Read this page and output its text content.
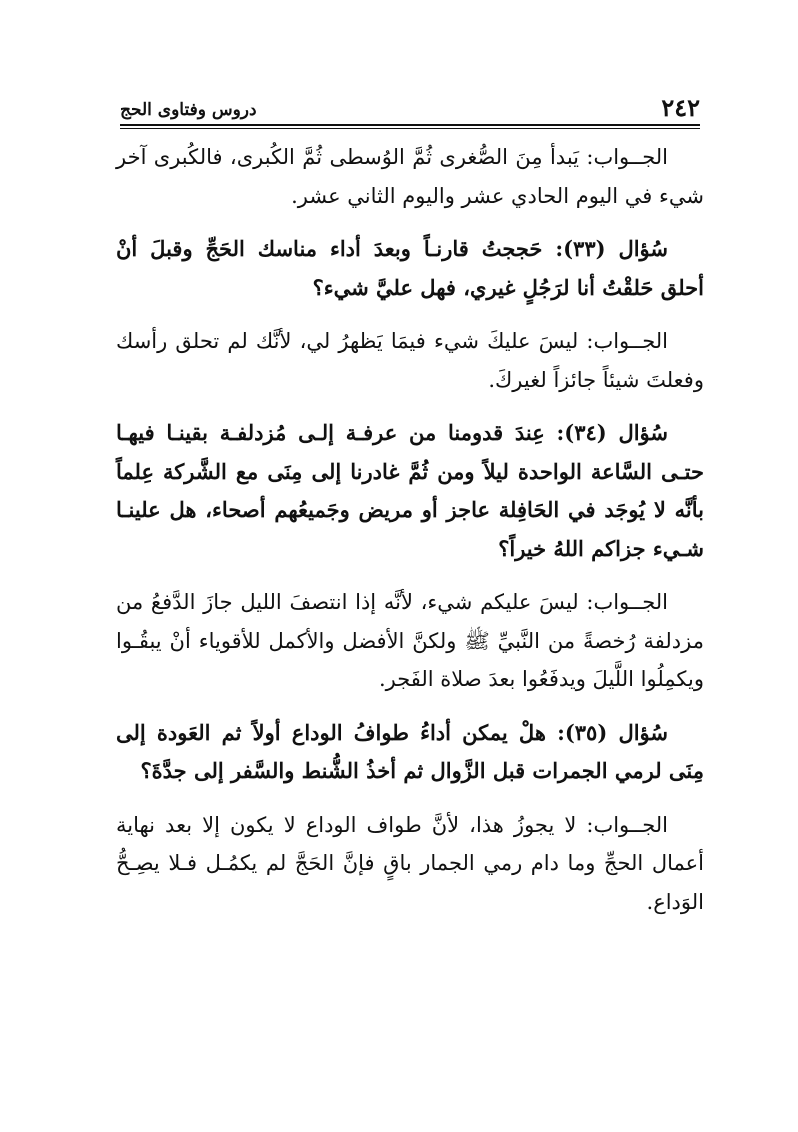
٢٤٢
دروس وفتاوى الحج

الجــواب: يَبدأ مِنَ الصُّغرى ثُمَّ الوُسطى ثُمَّ الكُبرى، فالكُبرى آخر شيء في اليوم الحادي عشر واليوم الثاني عشر.

سُؤال (٣٣): حَججتُ قارنـاً وبعدَ أداء مناسك الحَجِّ وقبلَ أنْ أحلق حَلقْتُ أنا لرَجُلٍ غيري، فهل عليَّ شيء؟

الجــواب: ليسَ عليكَ شيء فيمَا يَظهرُ لي، لأنَّك لم تحلق رأسك وفعلتَ شيئاً جائزاً لغيركَ.

سُؤال (٣٤): عِندَ قدومنا من عرفـة إلـى مُزدلفـة بقينـا فيهـا حتـى السَّاعة الواحدة ليلاً ومن ثُمَّ غادرنا إلى مِنَى مع الشَّركة عِلماً بأنَّه لا يُوجَد في الحَافِلة عاجز أو مريض وجَميعُهم أصحاء، هل علينـا شـيء جزاكم اللهُ خيراً؟

الجــواب: ليسَ عليكم شيء، لأنَّه إذا انتصفَ الليل جازَ الدَّفعُ من مزدلفة رُخصةً من النَّبيِّ ﷺ ولكنَّ الأفضل والأكمل للأقوياء أنْ يبقُـوا ويكمِلُوا اللَّيلَ ويدفَعُوا بعدَ صلاة الفَجر.

سُؤال (٣٥): هلْ يمكن أداءُ طوافُ الوداع أولاً ثم العَودة إلى مِنَى لرمي الجمرات قبل الزَّوال ثم أخذُ الشُّنط والسَّفر إلى جدَّةَ؟

الجــواب: لا يجوزُ هذا، لأنَّ طواف الوداع لا يكون إلا بعد نهاية أعمال الحجِّ وما دام رمي الجمار باقٍ فإنَّ الحَجَّ لم يكمُـل فـلا يصِـحُّ الوَداع.
